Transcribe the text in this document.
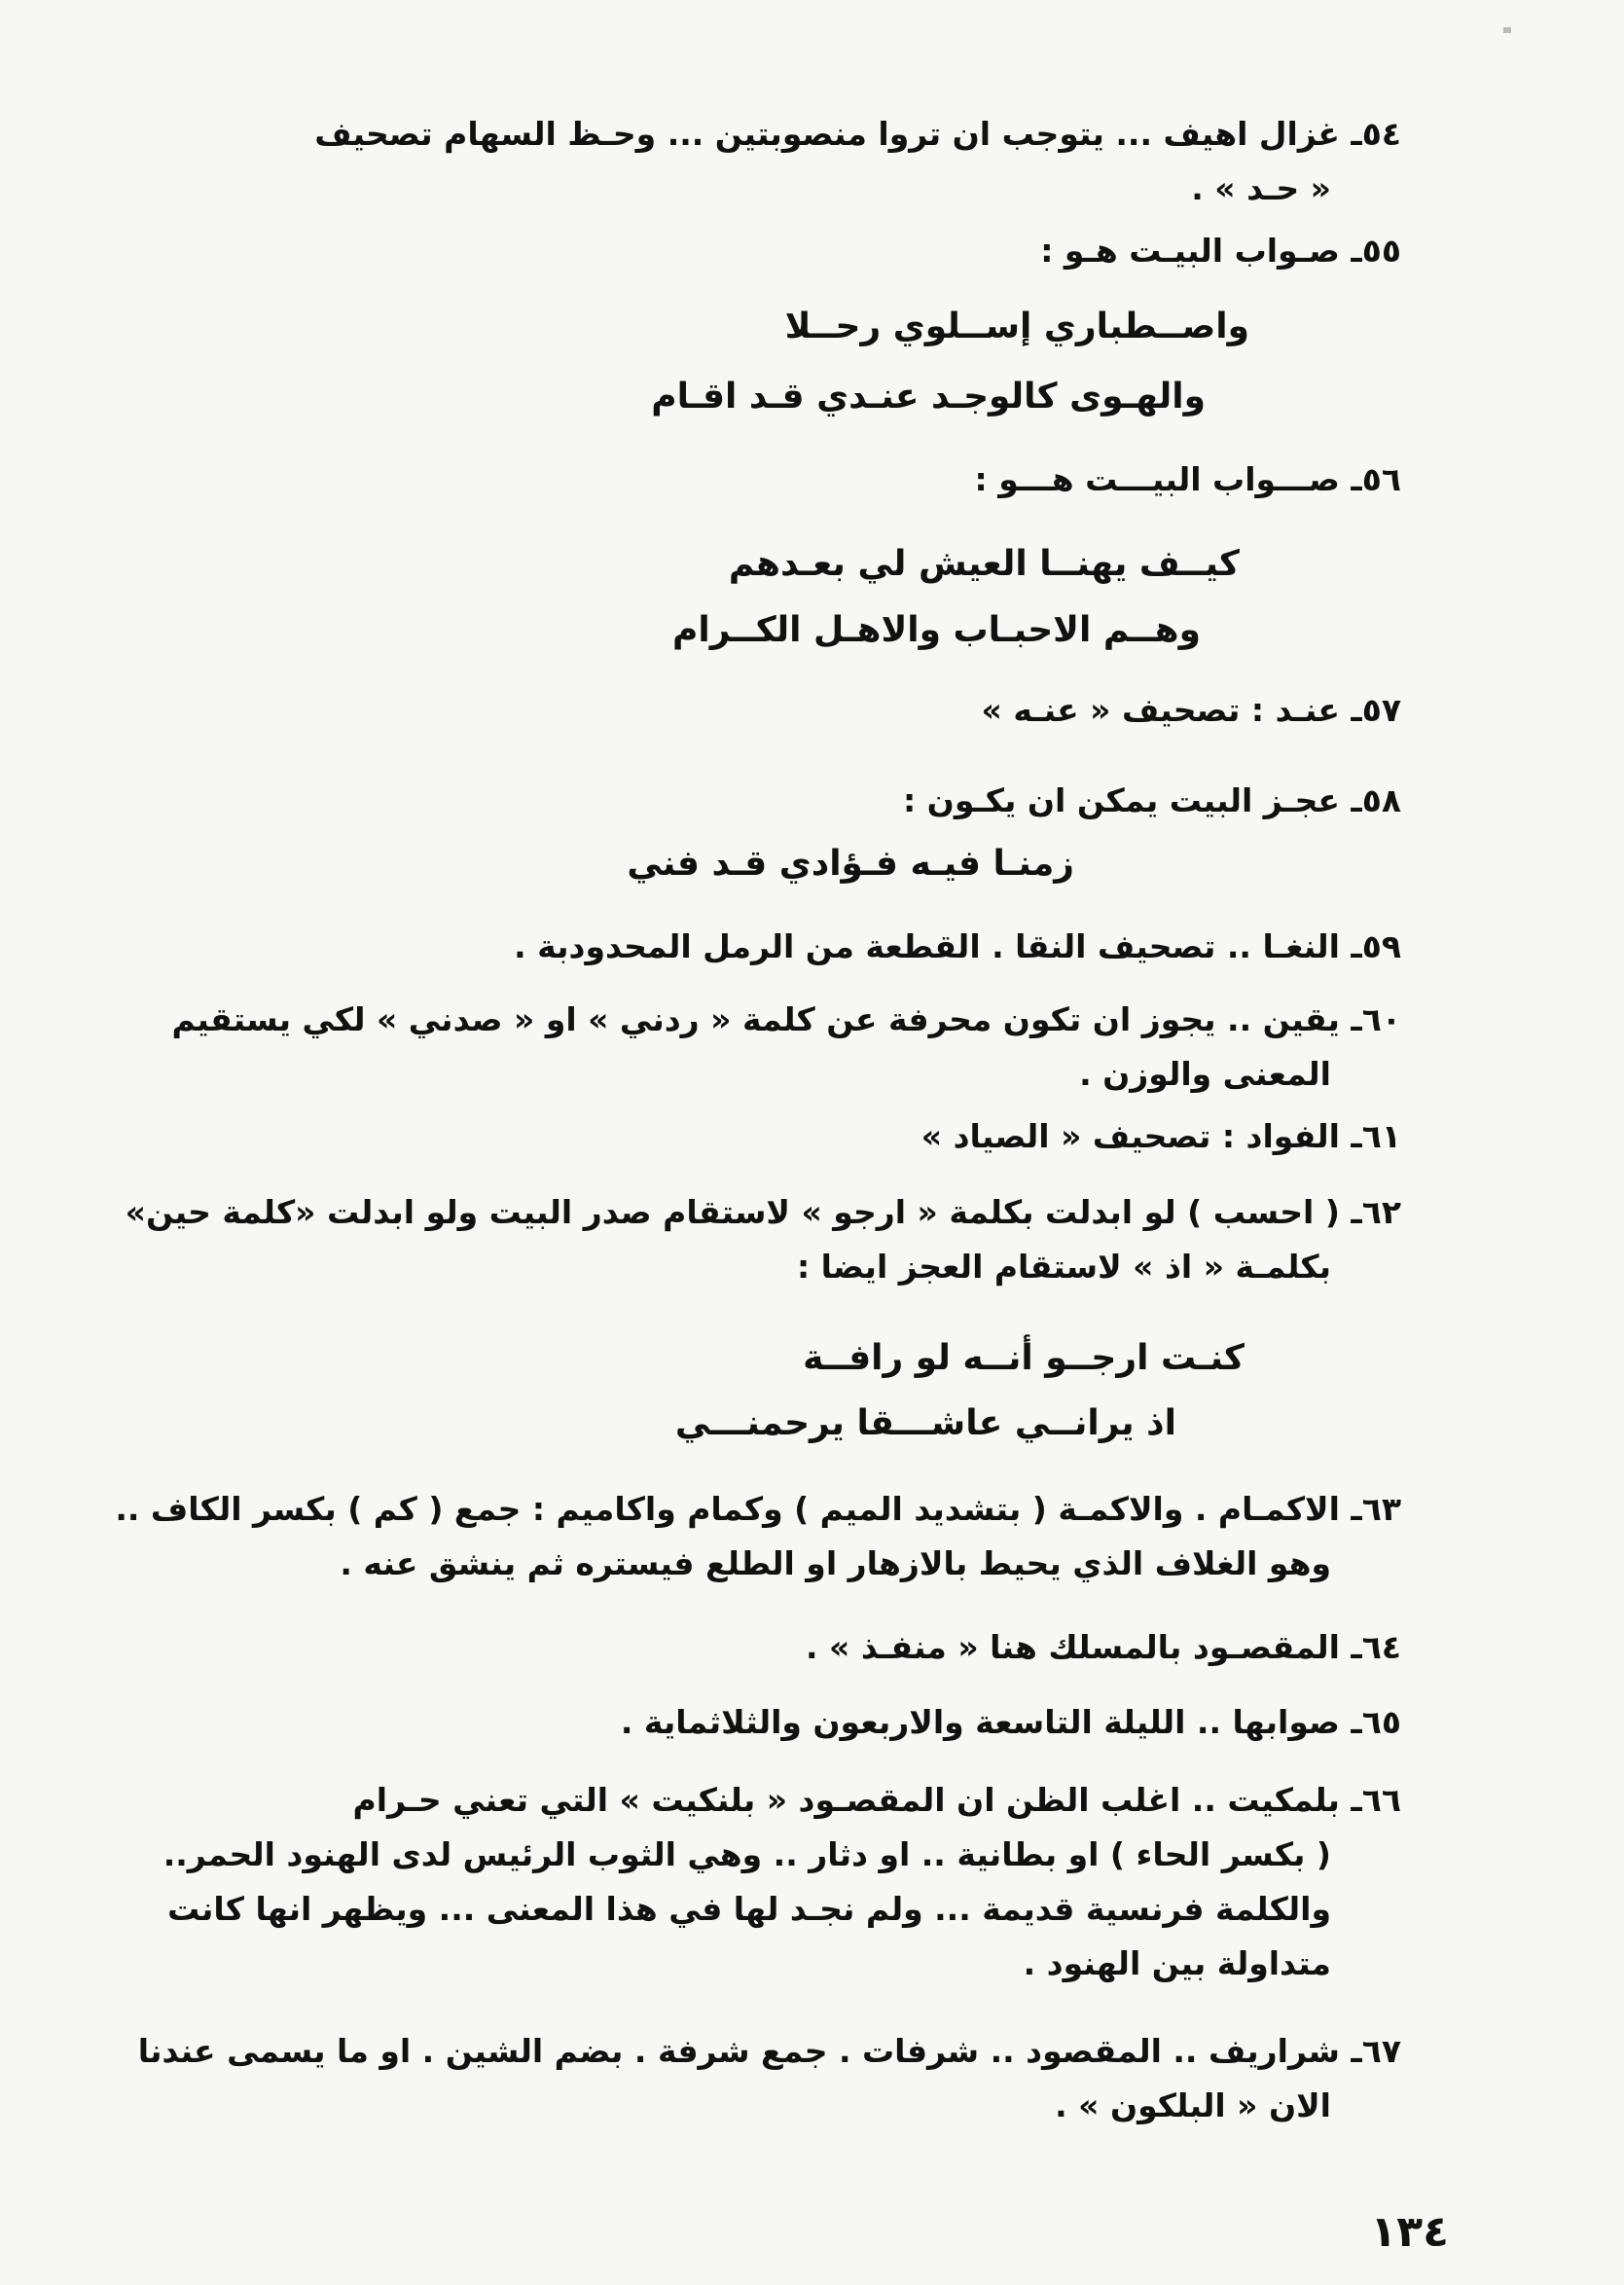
٥٤ـ غزال اهيف ... يتوجب ان تروا منصوبتين ... وحـظ السهام تصحيف
« حـد » .
٥٥ـ صـواب البيـت هـو :
واصــطباري إســلوي رحــلا
والهـوى كالوجـد عنـدي قـد اقـام
٥٦ـ صـــواب البيـــت هـــو :
كيــف يهنــا العيش لي بعـدهم
وهــم الاحبـاب والاهـل الكــرام
٥٧ـ عنـد : تصحيف « عنـه »
٥٨ـ عجـز البيت يمكن ان يكـون :
زمنـا فيـه فـؤادي قـد فني
٥٩ـ النغـا .. تصحيف النقا . القطعة من الرمل المحدودبة .
٦٠ـ يقين .. يجوز ان تكون محرفة عن كلمة « ردني » او « صدني » لكي يستقيم
المعنى والوزن .
٦١ـ الفواد : تصحيف « الصياد »
٦٢ـ ( احسب ) لو ابدلت بكلمة « ارجو » لاستقام صدر البيت ولو ابدلت «كلمة حين»
بكلمـة « اذ » لاستقام العجز ايضا :
كنـت ارجــو أنــه لو رافــة
اذ يرانــي عاشـــقا يرحمنـــي
٦٣ـ الاكمـام . والاكمـة ( بتشديد الميم ) وكمام واكاميم : جمع ( كم ) بكسر الكاف ..
وهو الغلاف الذي يحيط بالازهار او الطلع فيستره ثم ينشق عنه .
٦٤ـ المقصـود بالمسلك هنا « منفـذ » .
٦٥ـ صوابها .. الليلة التاسعة والاربعون والثلاثماية .
٦٦ـ بلمكيت .. اغلب الظن ان المقصـود « بلنكيت » التي تعني حـرام
( بكسر الحاء ) او بطانية .. او دثار .. وهي الثوب الرئيس لدى الهنود الحمر..
والكلمة فرنسية قديمة ... ولم نجـد لها في هذا المعنى ... ويظهر انها كانت
متداولة بين الهنود .
٦٧ـ شراريف .. المقصود .. شرفات . جمع شرفة . بضم الشين . او ما يسمى عندنا
الان « البلكون » .
١٣٤
